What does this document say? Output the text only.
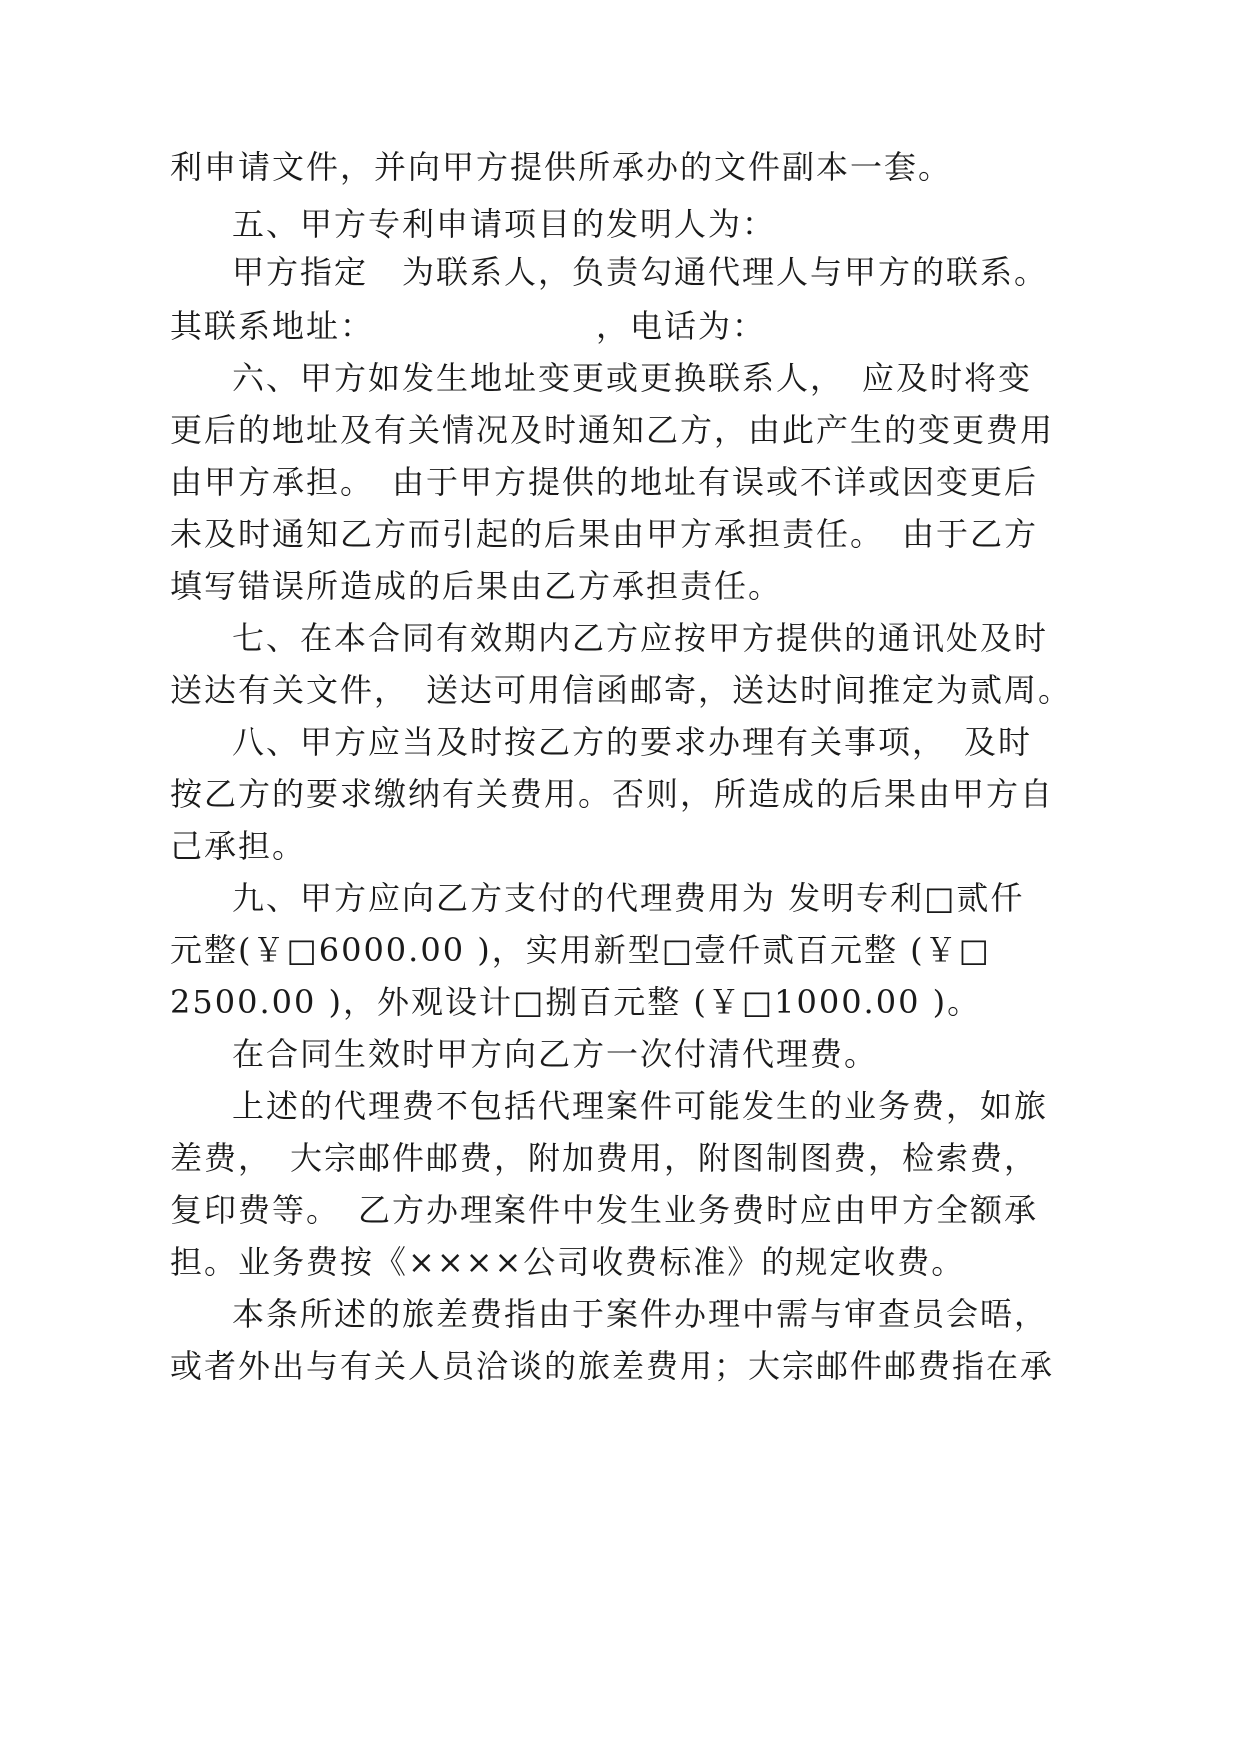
利申请文件，并向甲方提供所承办的文件副本一套。
五、甲方专利申请项目的发明人为：
甲方指定　为联系人，负责勾通代理人与甲方的联系。
其联系地址：　　　　　　　，电话为：
六、甲方如发生地址变更或更换联系人，　应及时将变
更后的地址及有关情况及时通知乙方，由此产生的变更费用
由甲方承担。　由于甲方提供的地址有误或不详或因变更后
未及时通知乙方而引起的后果由甲方承担责任。　由于乙方
填写错误所造成的后果由乙方承担责任。
七、在本合同有效期内乙方应按甲方提供的通讯处及时
送达有关文件，　送达可用信函邮寄，送达时间推定为贰周。
八、甲方应当及时按乙方的要求办理有关事项，　及时
按乙方的要求缴纳有关费用。否则，所造成的后果由甲方自
己承担。
九、甲方应向乙方支付的代理费用为 发明专利□贰仟
元整(￥□6000.00 )，实用新型□壹仟贰百元整 (￥□
2500.00 )，外观设计□捌百元整 (￥□1000.00 )。
在合同生效时甲方向乙方一次付清代理费。
上述的代理费不包括代理案件可能发生的业务费，如旅
差费，　大宗邮件邮费，附加费用，附图制图费，检索费，
复印费等。　乙方办理案件中发生业务费时应由甲方全额承
担。业务费按《××××公司收费标准》的规定收费。
本条所述的旅差费指由于案件办理中需与审查员会晤，
或者外出与有关人员洽谈的旅差费用；大宗邮件邮费指在承
